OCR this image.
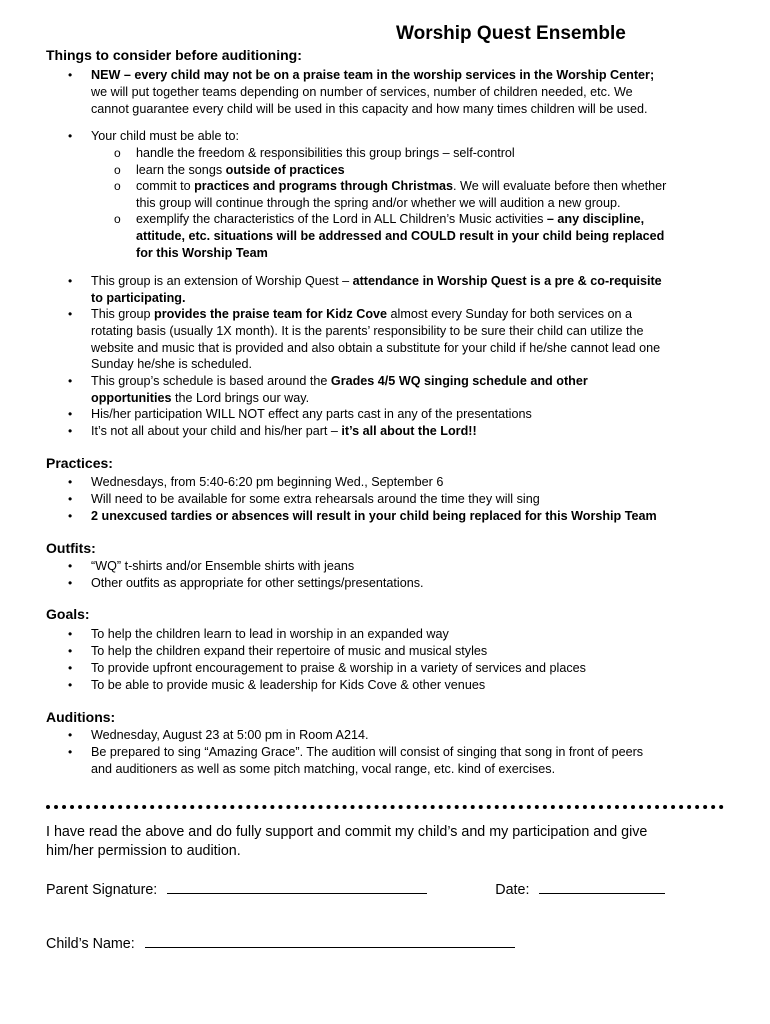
Worship Quest Ensemble
Things to consider before auditioning:
• NEW – every child may not be on a praise team in the worship services in the Worship Center;
we will put together teams depending on number of services, number of children needed, etc. We
cannot guarantee every child will be used in this capacity and how many times children will be used.
• Your child must be able to:
o handle the freedom & responsibilities this group brings – self-control
o learn the songs outside of practices
o commit to practices and programs through Christmas. We will evaluate before then whether
this group will continue through the spring and/or whether we will audition a new group.
o exemplify the characteristics of the Lord in ALL Children’s Music activities – any discipline,
attitude, etc. situations will be addressed and COULD result in your child being replaced
for this Worship Team
• This group is an extension of Worship Quest – attendance in Worship Quest is a pre & co-requisite
to participating.
• This group provides the praise team for Kidz Cove almost every Sunday for both services on a
rotating basis (usually 1X month). It is the parents’ responsibility to be sure their child can utilize the
website and music that is provided and also obtain a substitute for your child if he/she cannot lead one
Sunday he/she is scheduled.
• This group’s schedule is based around the Grades 4/5 WQ singing schedule and other
opportunities the Lord brings our way.
• His/her participation WILL NOT effect any parts cast in any of the presentations
• It’s not all about your child and his/her part – it’s all about the Lord!!
Practices:
• Wednesdays, from 5:40-6:20 pm beginning Wed., September 6
• Will need to be available for some extra rehearsals around the time they will sing
• 2 unexcused tardies or absences will result in your child being replaced for this Worship Team
Outfits:
• “WQ” t-shirts and/or Ensemble shirts with jeans
• Other outfits as appropriate for other settings/presentations.
Goals:
• To help the children learn to lead in worship in an expanded way
• To help the children expand their repertoire of music and musical styles
• To provide upfront encouragement to praise & worship in a variety of services and places
• To be able to provide music & leadership for Kids Cove & other venues
Auditions:
• Wednesday, August 23 at 5:00 pm in Room A214.
• Be prepared to sing “Amazing Grace”. The audition will consist of singing that song in front of peers
and auditioners as well as some pitch matching, vocal range, etc. kind of exercises.
I have read the above and do fully support and commit my child’s and my participation and give
him/her permission to audition.
Parent Signature:	Date:
Child’s Name:
